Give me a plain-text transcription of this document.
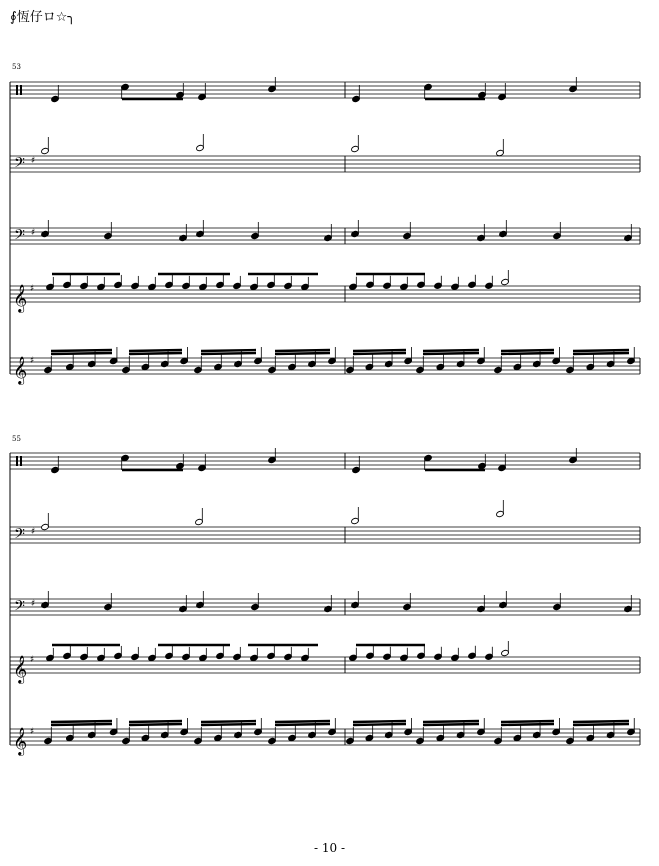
∮恆仔ロ☆╮
53
55
- 10 -
𝄢 ♯
𝄢 ♯
𝄞 ♯
𝄞 ♯
𝄢 ♯
𝄢 ♯
𝄞 ♯
𝄞 ♯
